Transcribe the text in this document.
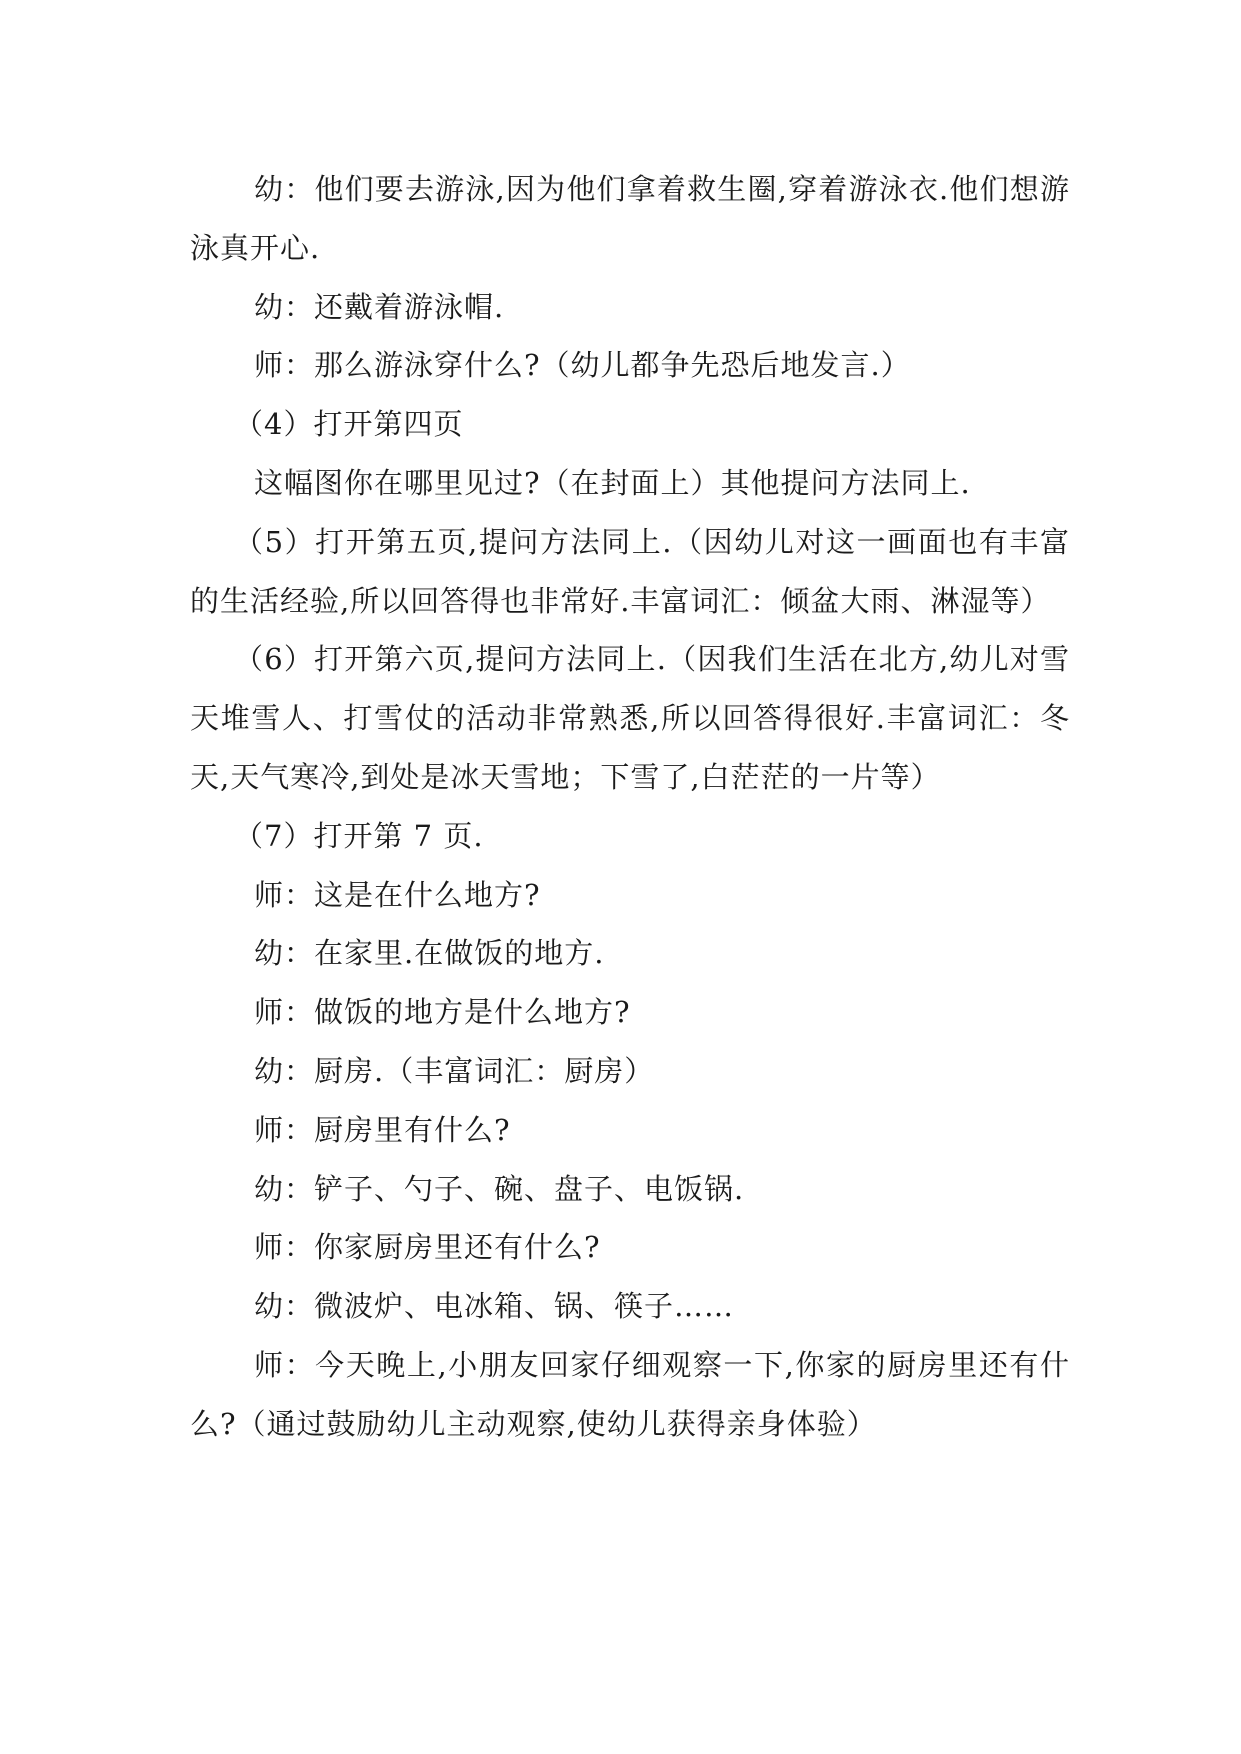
幼：他们要去游泳,因为他们拿着救生圈,穿着游泳衣.他们想游泳真开心.

幼：还戴着游泳帽.

师：那么游泳穿什么?（幼儿都争先恐后地发言.）

（4）打开第四页

这幅图你在哪里见过?（在封面上）其他提问方法同上.

（5）打开第五页,提问方法同上.（因幼儿对这一画面也有丰富的生活经验,所以回答得也非常好.丰富词汇：倾盆大雨、淋湿等）

（6）打开第六页,提问方法同上.（因我们生活在北方,幼儿对雪天堆雪人、打雪仗的活动非常熟悉,所以回答得很好.丰富词汇：冬天,天气寒冷,到处是冰天雪地；下雪了,白茫茫的一片等）

（7）打开第 7 页.

师：这是在什么地方?

幼：在家里.在做饭的地方.

师：做饭的地方是什么地方?

幼：厨房.（丰富词汇：厨房）

师：厨房里有什么?

幼：铲子、勺子、碗、盘子、电饭锅.

师：你家厨房里还有什么?

幼：微波炉、电冰箱、锅、筷子……

师：今天晚上,小朋友回家仔细观察一下,你家的厨房里还有什么?（通过鼓励幼儿主动观察,使幼儿获得亲身体验）
